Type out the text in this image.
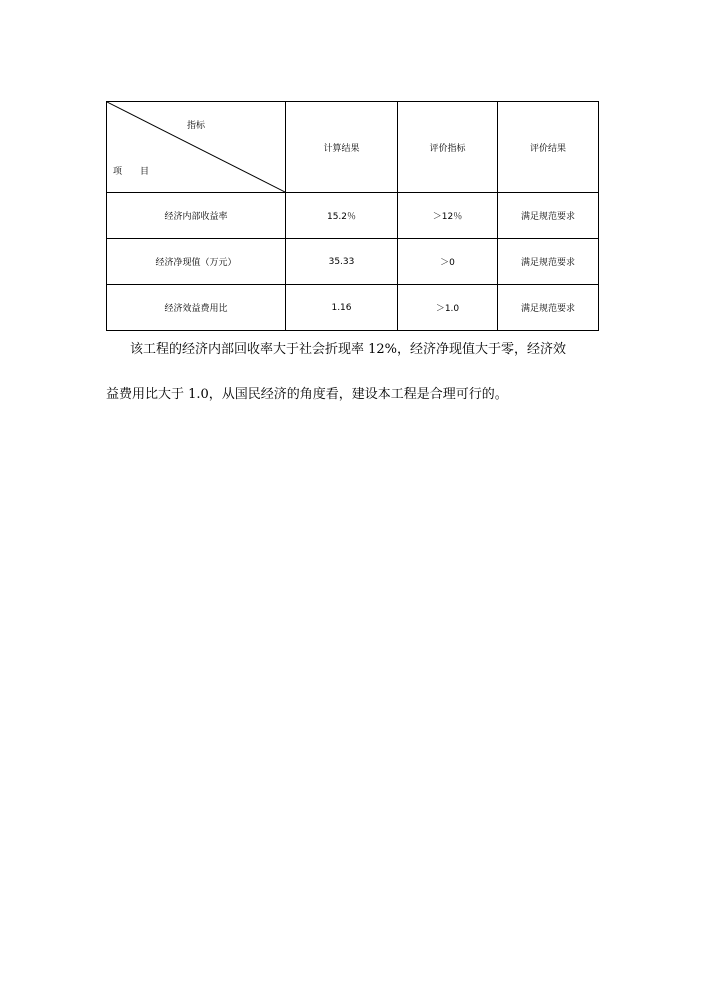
指标
项　　目	计算结果	评价指标	评价结果
经济内部收益率	15.2％	＞12％	满足规范要求
经济净现值（万元）	35.33	＞0	满足规范要求
经济效益费用比	1.16	＞1.0	满足规范要求
该工程的经济内部回收率大于社会折现率 12%，经济净现值大于零，经济效
益费用比大于 1.0，从国民经济的角度看，建设本工程是合理可行的。
